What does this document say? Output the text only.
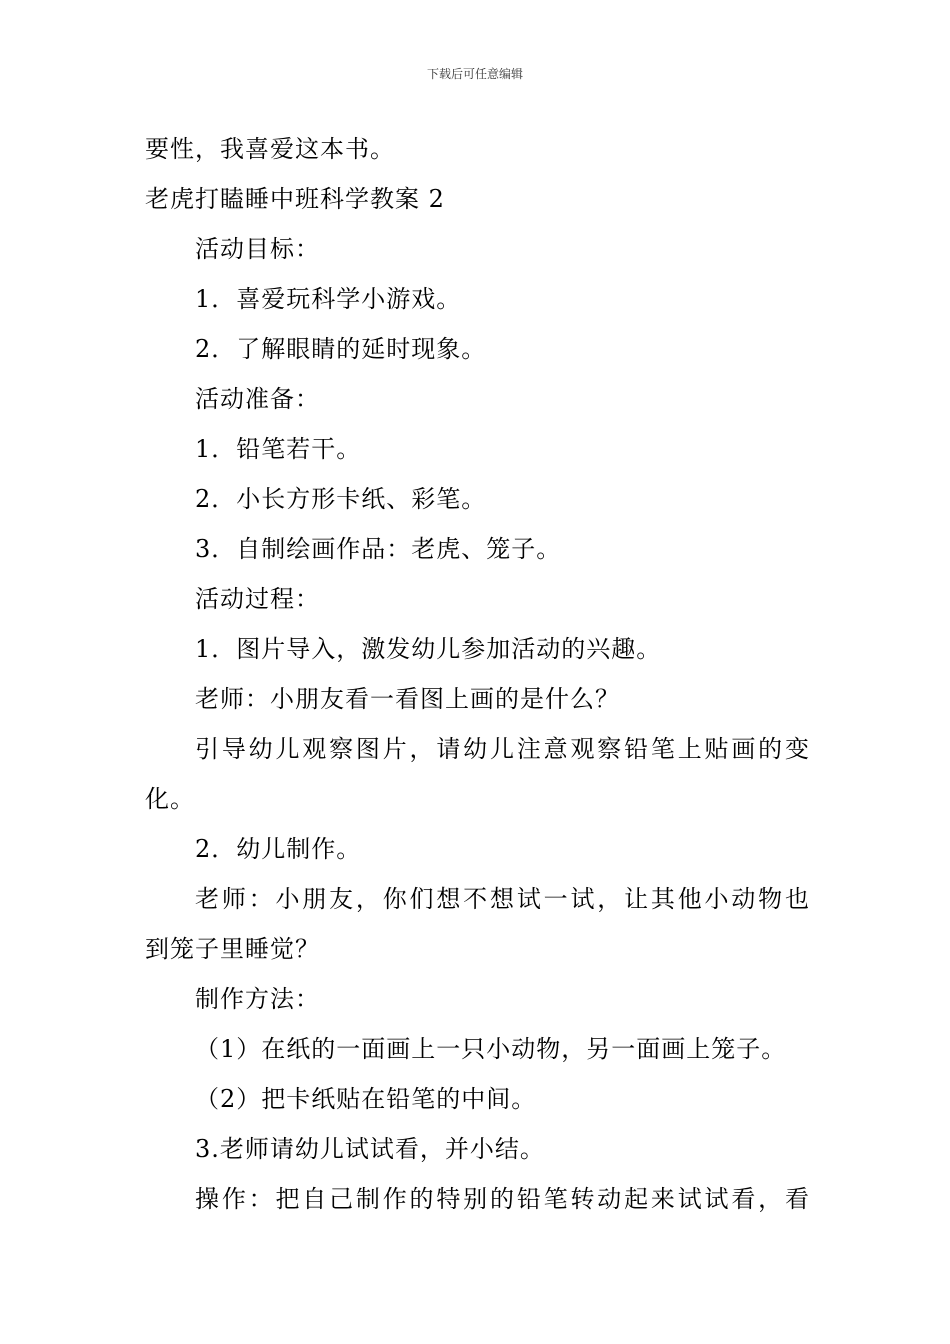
下载后可任意编辑
要性，我喜爱这本书。
老虎打瞌睡中班科学教案 2
活动目标：
1．喜爱玩科学小游戏。
2．了解眼睛的延时现象。
活动准备：
1．铅笔若干。
2．小长方形卡纸、彩笔。
3．自制绘画作品：老虎、笼子。
活动过程：
1．图片导入，激发幼儿参加活动的兴趣。
老师：小朋友看一看图上画的是什么？
引导幼儿观察图片，请幼儿注意观察铅笔上贴画的变
化。
2．幼儿制作。
老师：小朋友，你们想不想试一试，让其他小动物也
到笼子里睡觉？
制作方法：
（1）在纸的一面画上一只小动物，另一面画上笼子。
（2）把卡纸贴在铅笔的中间。
3.老师请幼儿试试看，并小结。
操作：把自己制作的特别的铅笔转动起来试试看，看
